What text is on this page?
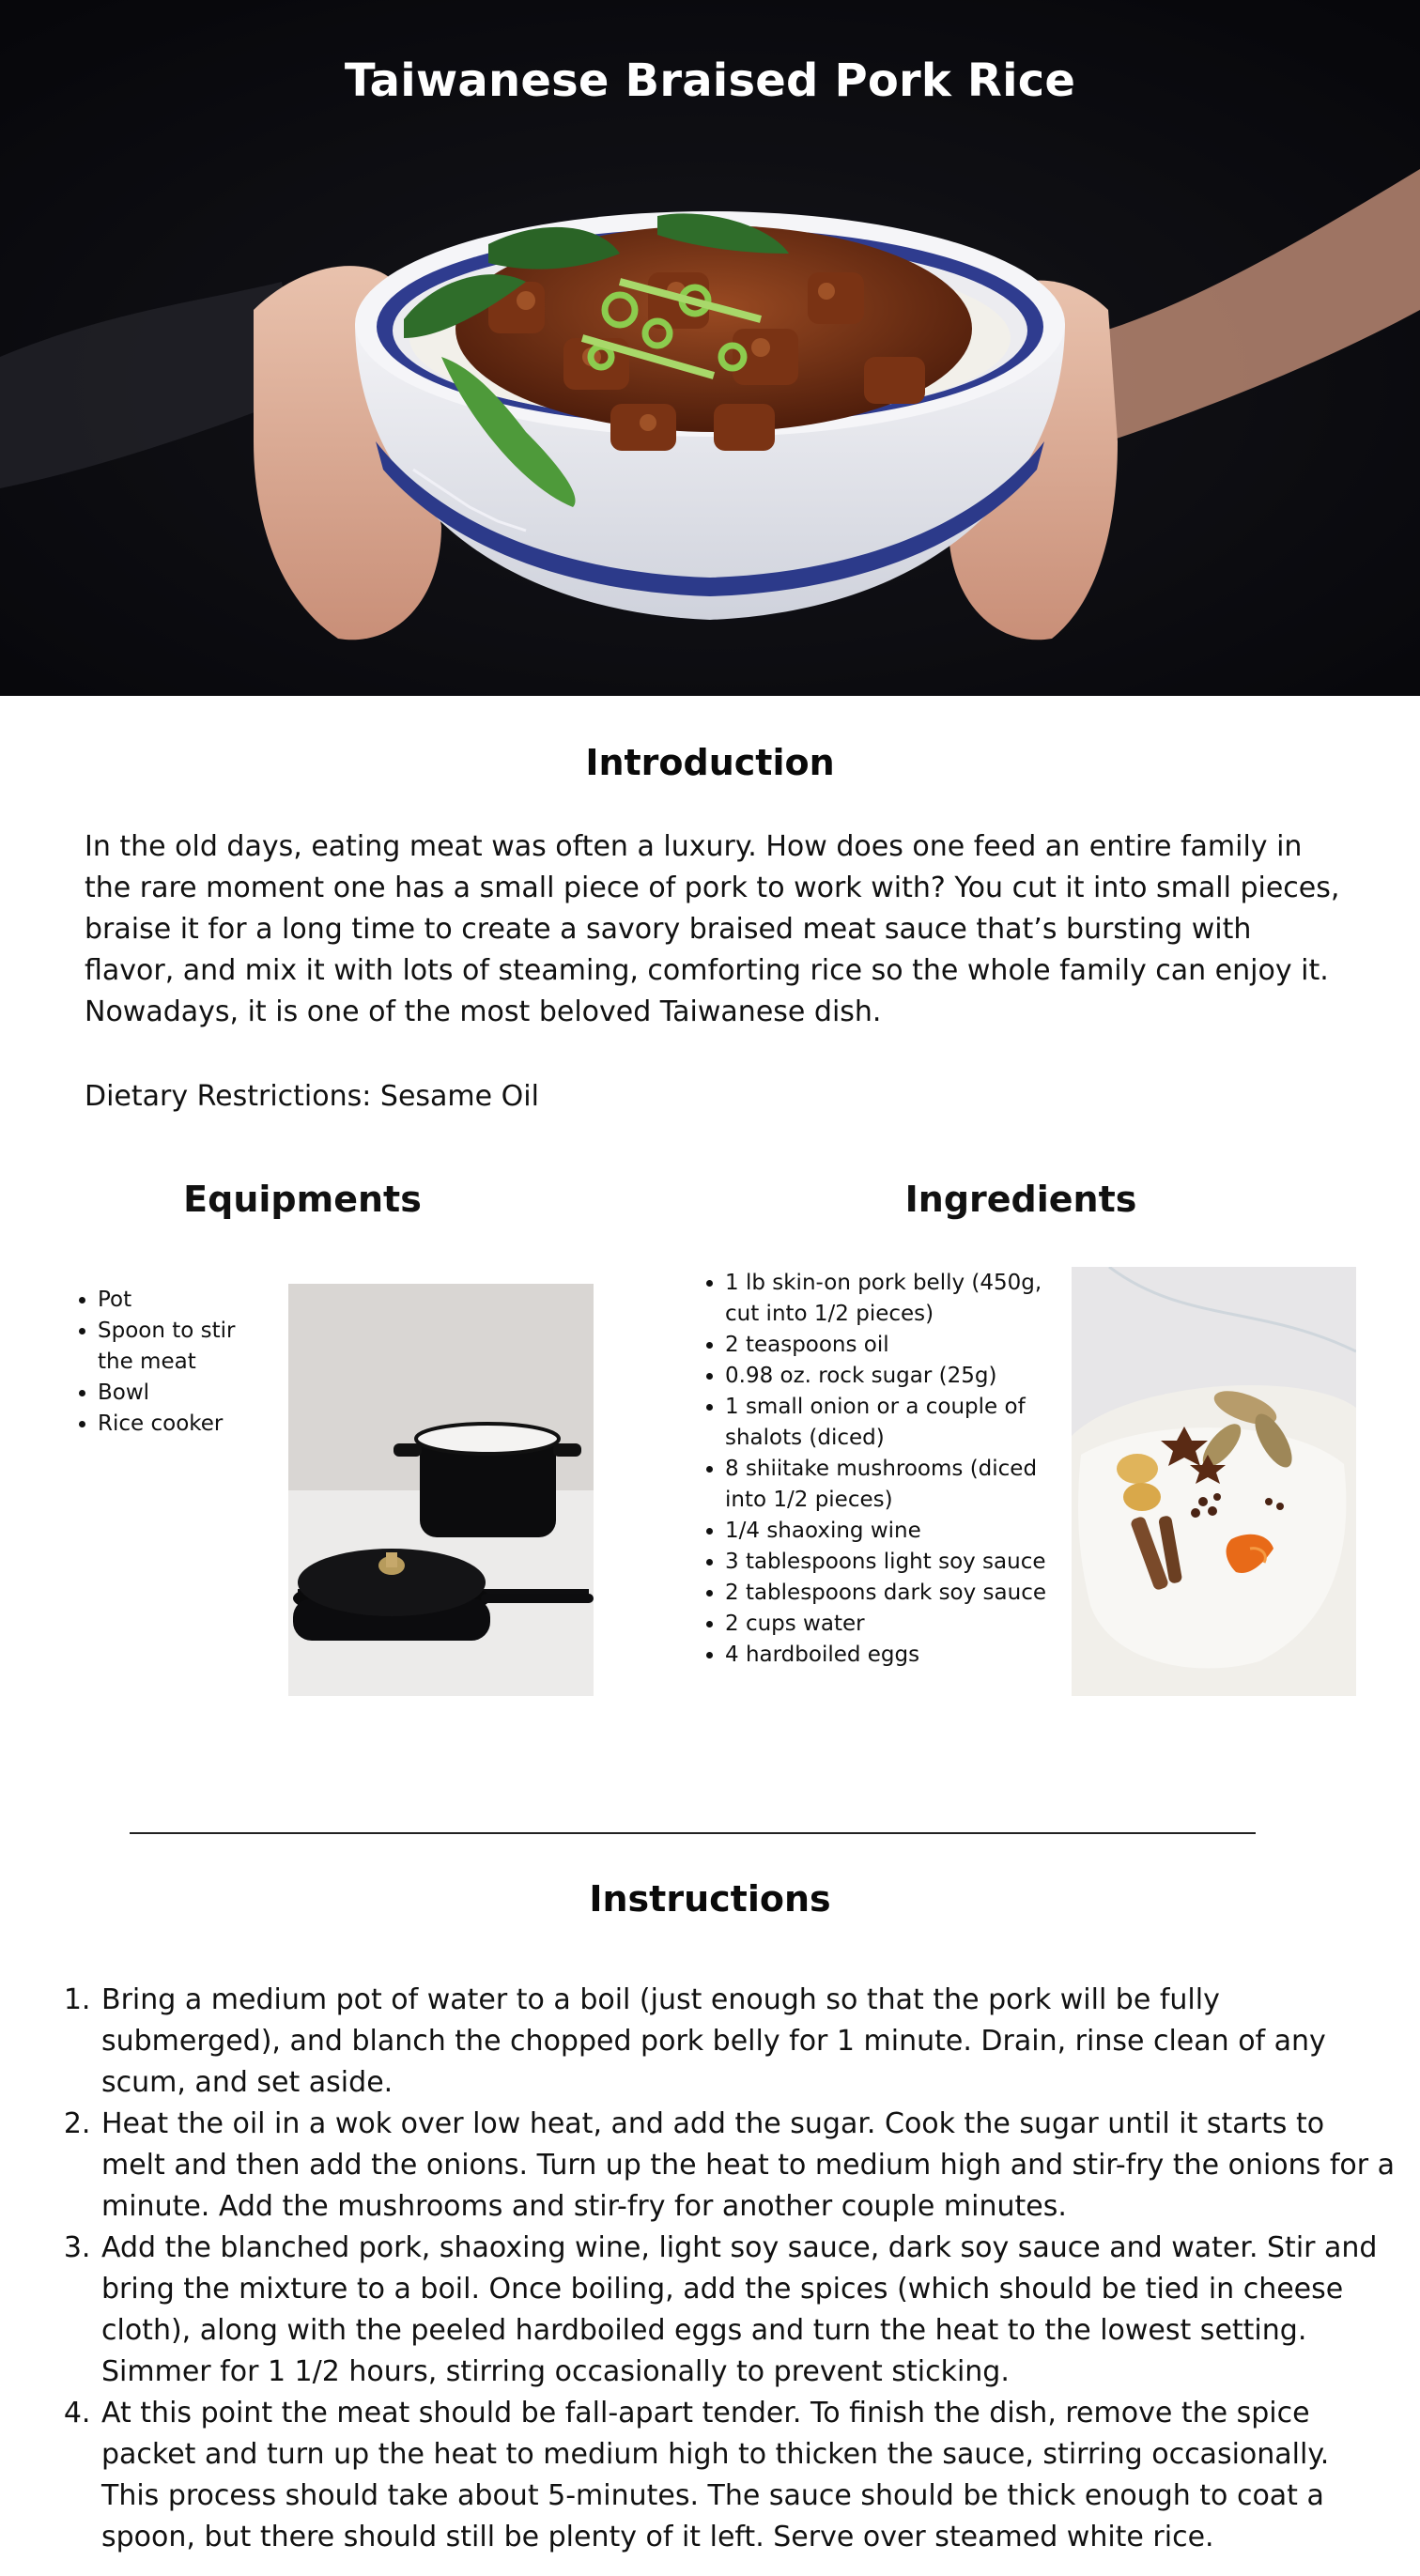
Taiwanese Braised Pork Rice
Introduction
In the old days, eating meat was often a luxury. How does one feed an entire family in the rare moment one has a small piece of pork to work with? You cut it into small pieces, braise it for a long time to create a savory braised meat sauce that’s bursting with flavor, and mix it with lots of steaming, comforting rice so the whole family can enjoy it. Nowadays, it is one of the most beloved Taiwanese dish.
Dietary Restrictions: Sesame Oil
Equipments
• Pot
• Spoon to stir the meat
• Bowl
• Rice cooker
Ingredients
• 1 lb skin-on pork belly (450g, cut into 1/2 pieces)
• 2 teaspoons oil
• 0.98 oz. rock sugar (25g)
• 1 small onion or a couple of shalots (diced)
• 8 shiitake mushrooms (diced into 1/2 pieces)
• 1/4 shaoxing wine
• 3 tablespoons light soy sauce
• 2 tablespoons dark soy sauce
• 2 cups water
• 4 hardboiled eggs
Instructions
1. Bring a medium pot of water to a boil (just enough so that the pork will be fully submerged), and blanch the chopped pork belly for 1 minute. Drain, rinse clean of any scum, and set aside.
2. Heat the oil in a wok over low heat, and add the sugar. Cook the sugar until it starts to melt and then add the onions. Turn up the heat to medium high and stir-fry the onions for a minute. Add the mushrooms and stir-fry for another couple minutes.
3. Add the blanched pork, shaoxing wine, light soy sauce, dark soy sauce and water. Stir and bring the mixture to a boil. Once boiling, add the spices (which should be tied in cheese cloth), along with the peeled hardboiled eggs and turn the heat to the lowest setting. Simmer for 1 1/2 hours, stirring occasionally to prevent sticking.
4. At this point the meat should be fall-apart tender. To finish the dish, remove the spice packet and turn up the heat to medium high to thicken the sauce, stirring occasionally. This process should take about 5-minutes. The sauce should be thick enough to coat a spoon, but there should still be plenty of it left. Serve over steamed white rice.
